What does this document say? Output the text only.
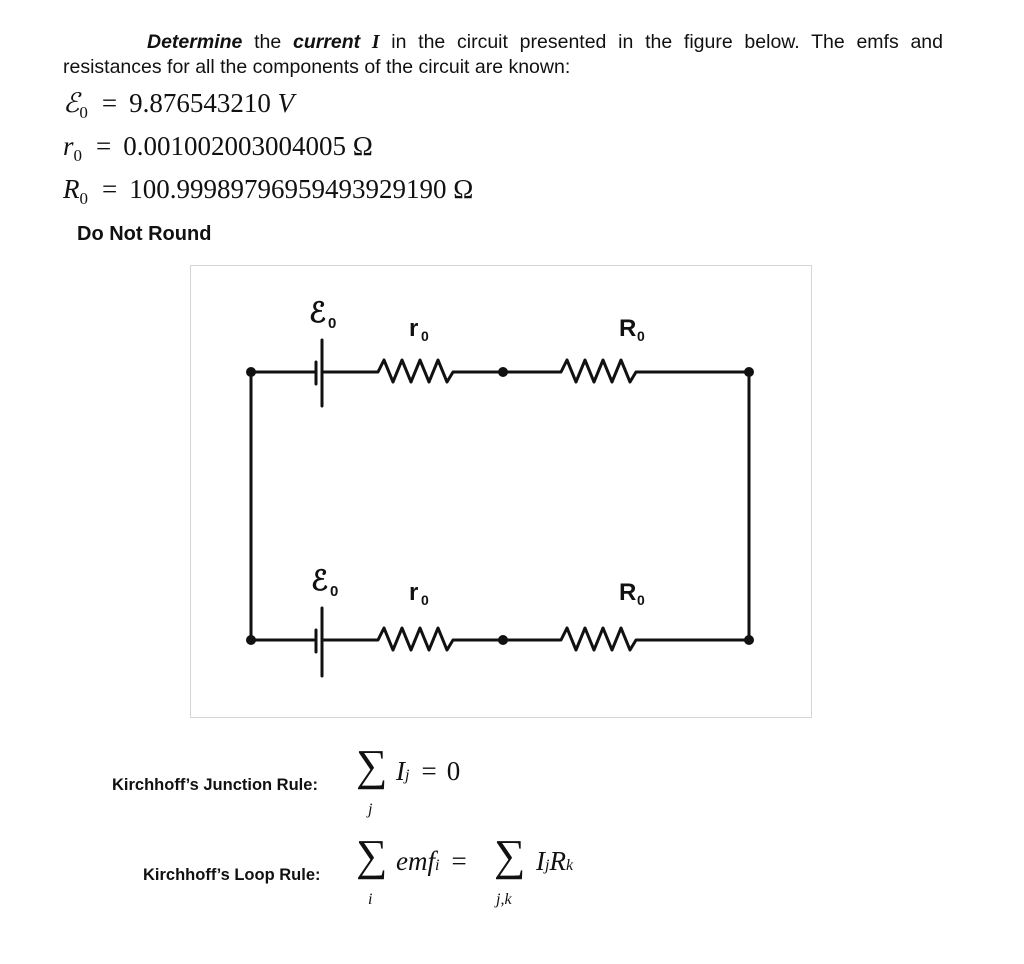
Determine the current I in the circuit presented in the figure below. The emfs and
resistances for all the components of the circuit are known:
ℰ$_0$ = 9.876543210 V
$r_0 = 0.001002003004005$ Ω
$R_0 = 100.99989796959493929190$ Ω
Do Not Round
ℰ 0	r 0	R 0
ℰ 0	r 0	R 0
Kirchhoff’s Junction Rule: ∑
j
Ij = 0
Kirchhoff’s Loop Rule: ∑
i
emfi = ∑
j,k
IjRk
